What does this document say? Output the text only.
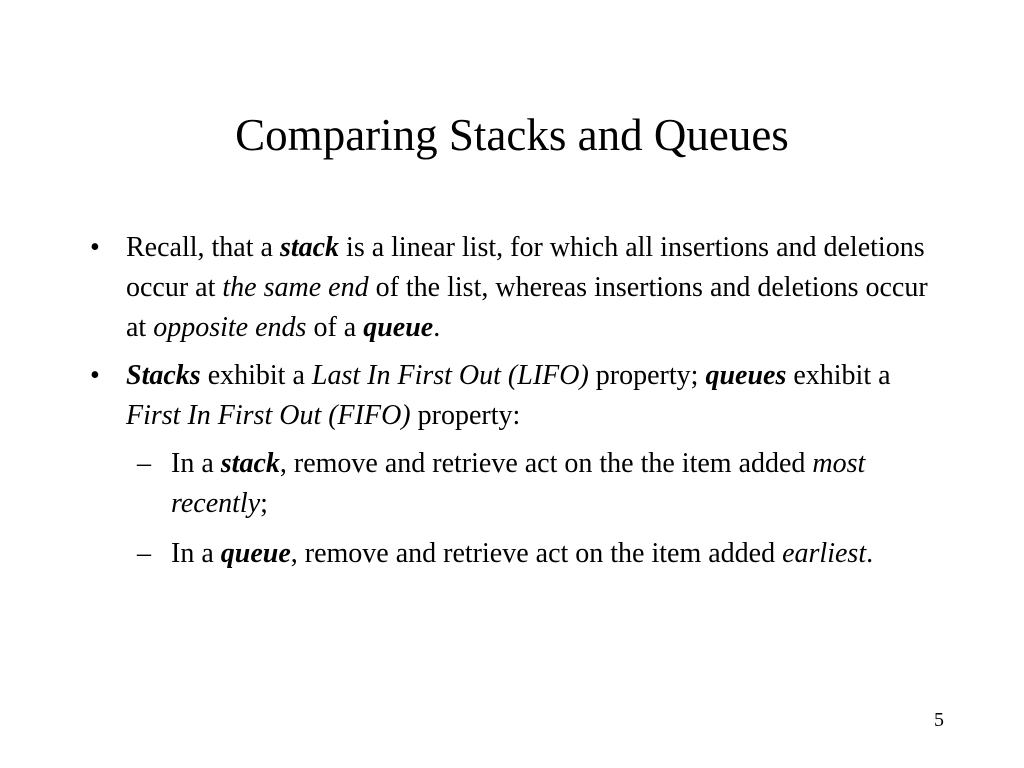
Comparing Stacks and Queues
• Recall, that a stack is a linear list, for which all insertions and deletions occur at the same end of the list, whereas insertions and deletions occur at opposite ends of a queue.
• Stacks exhibit a Last In First Out (LIFO) property; queues exhibit a First In First Out (FIFO) property:
– In a stack, remove and retrieve act on the the item added most recently;
– In a queue, remove and retrieve act on the item added earliest.
5
